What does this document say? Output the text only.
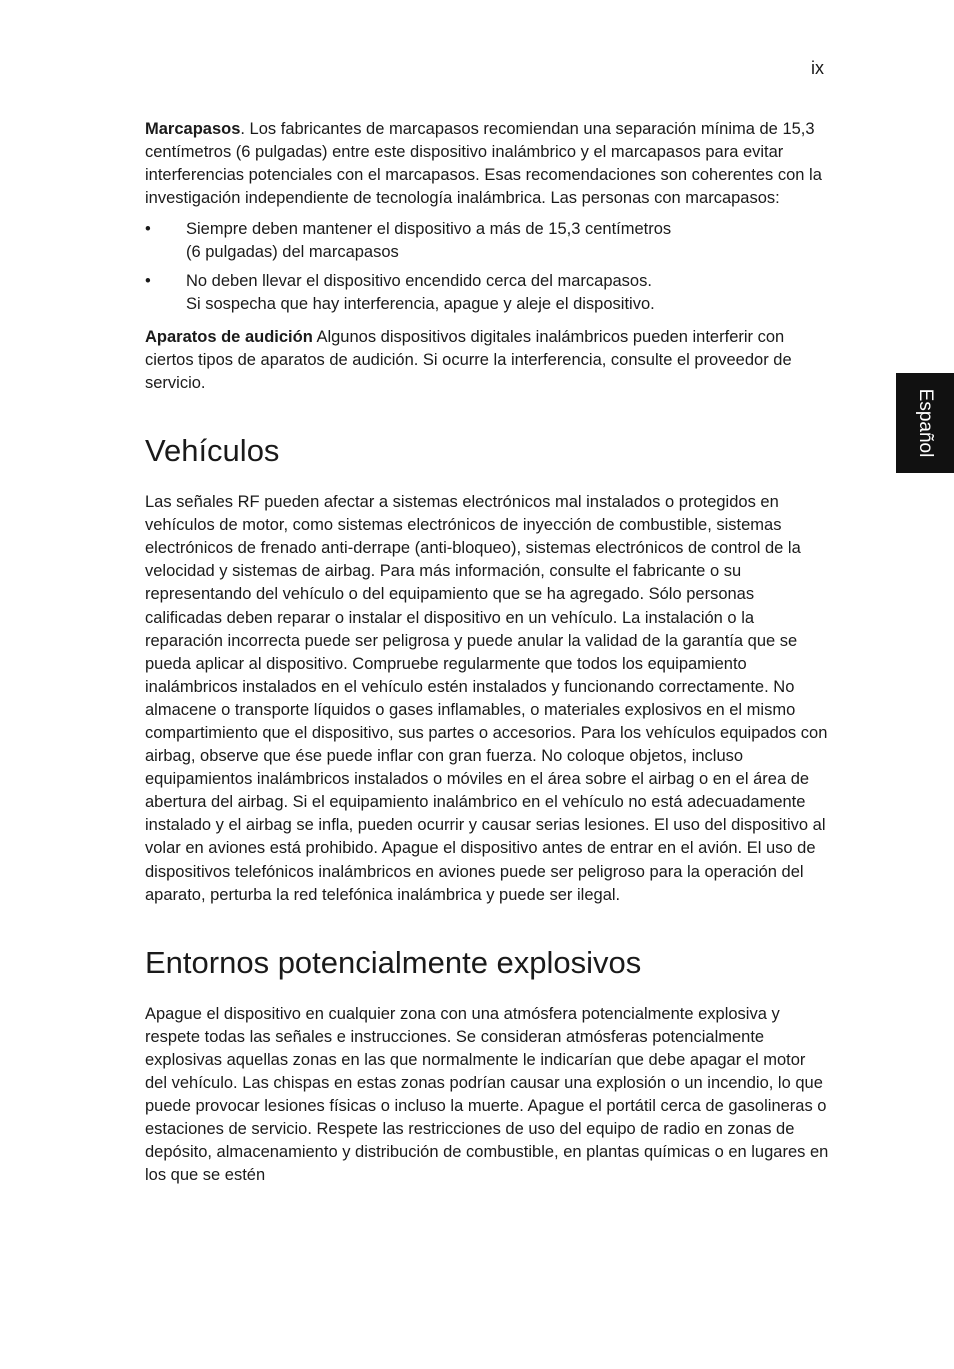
ix
Español

Marcapasos. Los fabricantes de marcapasos recomiendan una separación mínima de 15,3 centímetros (6 pulgadas) entre este dispositivo inalámbrico y el marcapasos para evitar interferencias potenciales con el marcapasos. Esas recomendaciones son coherentes con la investigación independiente de tecnología inalámbrica. Las personas con marcapasos:

• Siempre deben mantener el dispositivo a más de 15,3 centímetros
(6 pulgadas) del marcapasos
• No deben llevar el dispositivo encendido cerca del marcapasos.
Si sospecha que hay interferencia, apague y aleje el dispositivo.

Aparatos de audición Algunos dispositivos digitales inalámbricos pueden interferir con ciertos tipos de aparatos de audición. Si ocurre la interferencia, consulte el proveedor de servicio.

Vehículos

Las señales RF pueden afectar a sistemas electrónicos mal instalados o protegidos en vehículos de motor, como sistemas electrónicos de inyección de combustible, sistemas electrónicos de frenado anti-derrape (anti-bloqueo), sistemas electrónicos de control de la velocidad y sistemas de airbag. Para más información, consulte el fabricante o su representando del vehículo o del equipamiento que se ha agregado. Sólo personas calificadas deben reparar o instalar el dispositivo en un vehículo. La instalación o la reparación incorrecta puede ser peligrosa y puede anular la validad de la garantía que se pueda aplicar al dispositivo. Compruebe regularmente que todos los equipamiento inalámbricos instalados en el vehículo estén instalados y funcionando correctamente. No almacene o transporte líquidos o gases inflamables, o materiales explosivos en el mismo compartimiento que el dispositivo, sus partes o accesorios. Para los vehículos equipados con airbag, observe que ése puede inflar con gran fuerza. No coloque objetos, incluso equipamientos inalámbricos instalados o móviles en el área sobre el airbag o en el área de abertura del airbag. Si el equipamiento inalámbrico en el vehículo no está adecuadamente instalado y el airbag se infla, pueden ocurrir y causar serias lesiones. El uso del dispositivo al volar en aviones está prohibido. Apague el dispositivo antes de entrar en el avión. El uso de dispositivos telefónicos inalámbricos en aviones puede ser peligroso para la operación del aparato, perturba la red telefónica inalámbrica y puede ser ilegal.

Entornos potencialmente explosivos

Apague el dispositivo en cualquier zona con una atmósfera potencialmente explosiva y respete todas las señales e instrucciones. Se consideran atmósferas potencialmente explosivas aquellas zonas en las que normalmente le indicarían que debe apagar el motor del vehículo. Las chispas en estas zonas podrían causar una explosión o un incendio, lo que puede provocar lesiones físicas o incluso la muerte. Apague el portátil cerca de gasolineras o estaciones de servicio. Respete las restricciones de uso del equipo de radio en zonas de depósito, almacenamiento y distribución de combustible, en plantas químicas o en lugares en los que se estén
